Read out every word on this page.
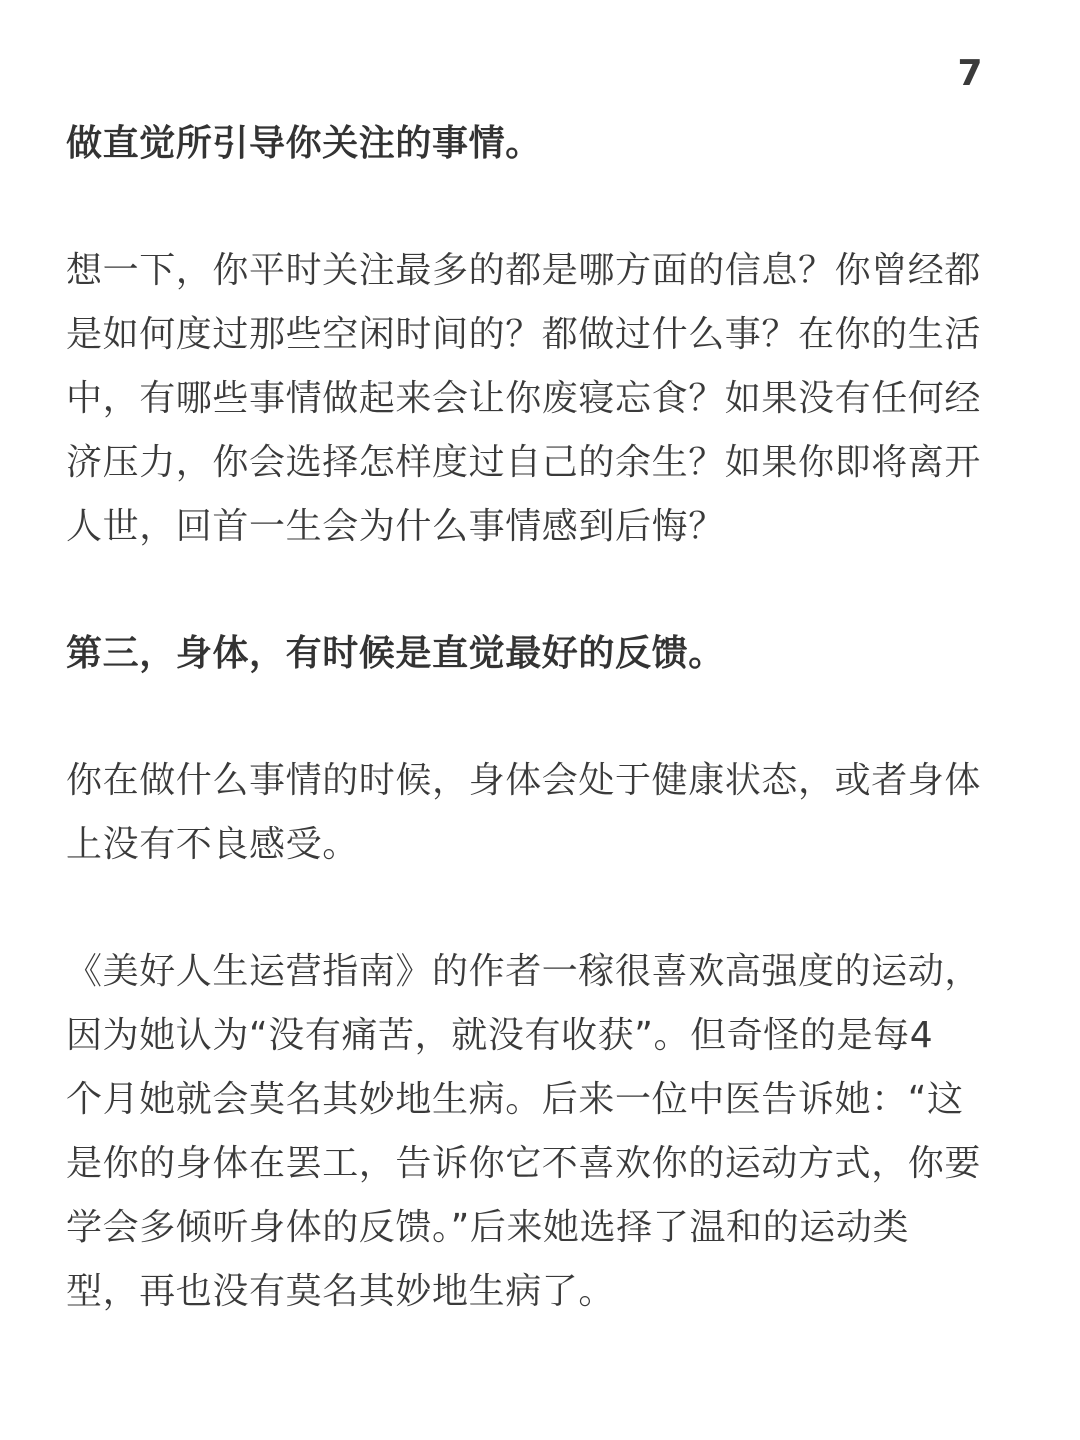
7
做直觉所引导你关注的事情。
想一下，你平时关注最多的都是哪方面的信息？你曾经都
是如何度过那些空闲时间的？都做过什么事？在你的生活
中，有哪些事情做起来会让你废寝忘食？如果没有任何经
济压力，你会选择怎样度过自己的余生？如果你即将离开
人世，回首一生会为什么事情感到后悔？
第三，身体，有时候是直觉最好的反馈。
你在做什么事情的时候，身体会处于健康状态，或者身体
上没有不良感受。
《美好人生运营指南》的作者一稼很喜欢高强度的运动，
因为她认为“没有痛苦，就没有收获”。但奇怪的是每4
个月她就会莫名其妙地生病。后来一位中医告诉她：“这
是你的身体在罢工，告诉你它不喜欢你的运动方式，你要
学会多倾听身体的反馈。”后来她选择了温和的运动类
型，再也没有莫名其妙地生病了。
